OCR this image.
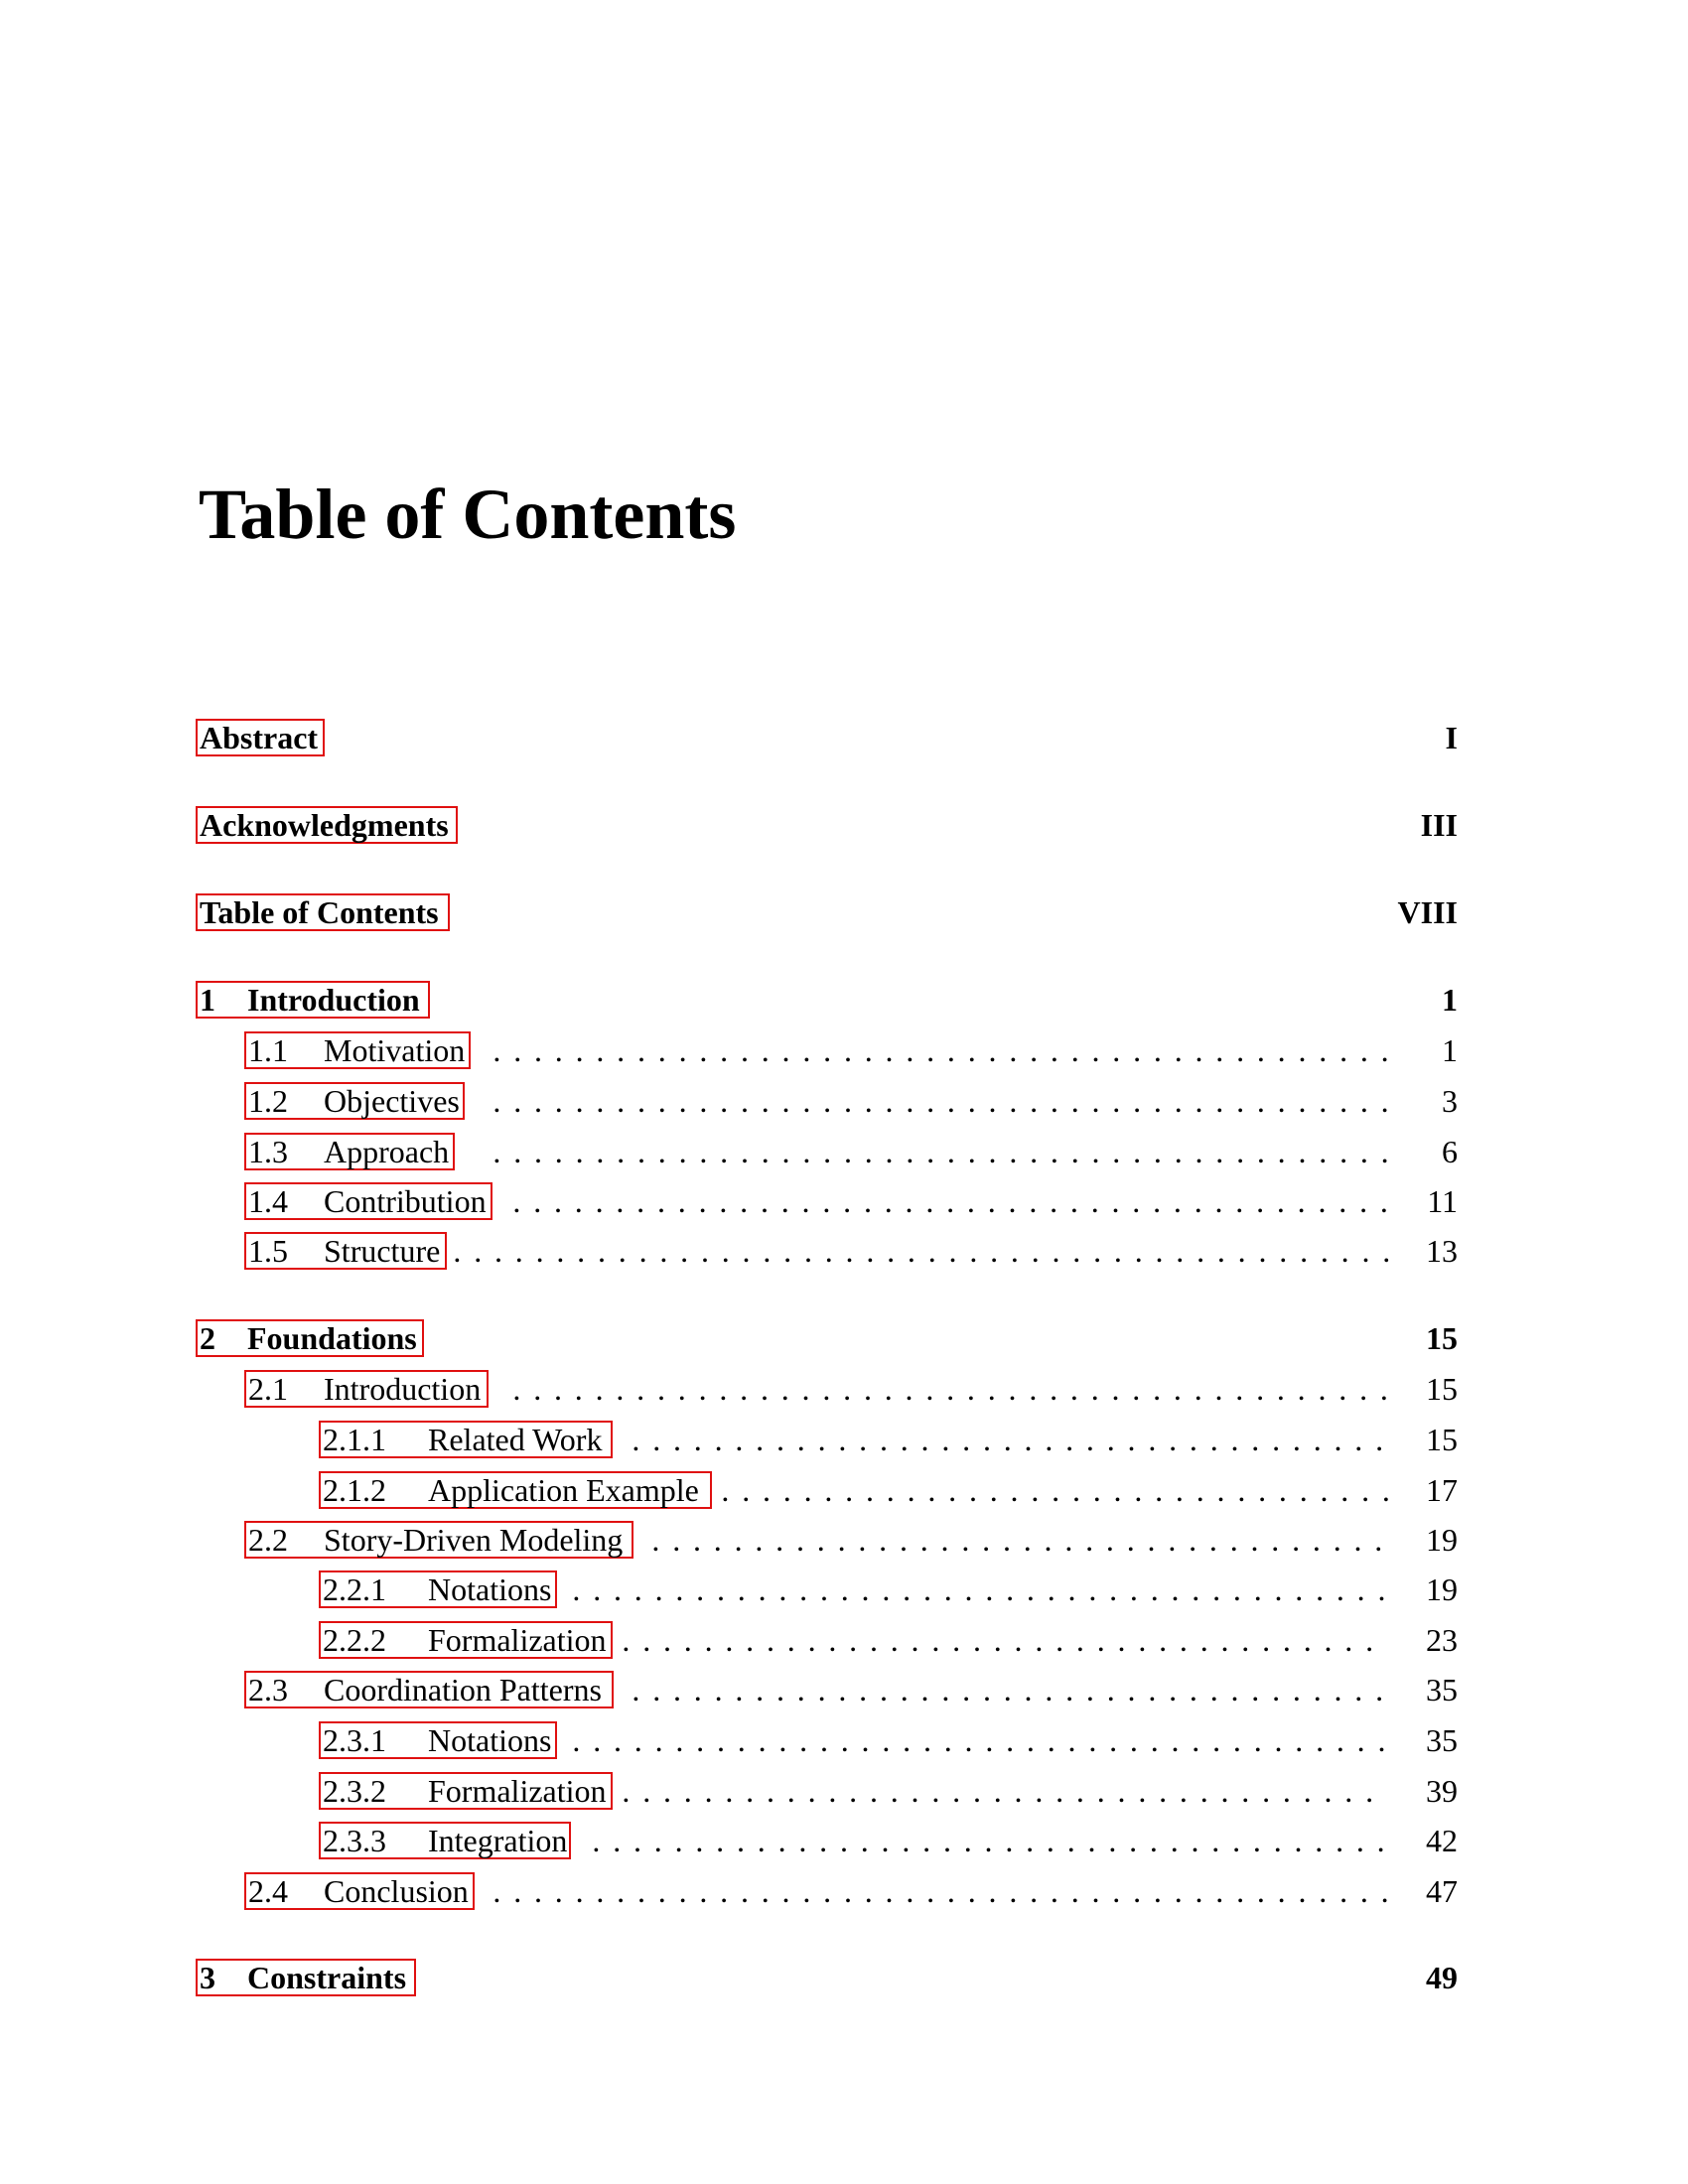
Table of Contents
Abstract	I
Acknowledgments	III
Table of Contents	VIII
1 Introduction	1
1.1 Motivation . . . . . . . . . . . . . . . . . . . . . . . . . . . . . . . . . . . . . . . . . . . .	1
1.2 Objectives . . . . . . . . . . . . . . . . . . . . . . . . . . . . . . . . . . . . . . . . . . . .	3
1.3 Approach . . . . . . . . . . . . . . . . . . . . . . . . . . . . . . . . . . . . . . . . . . . .	6
1.4 Contribution . . . . . . . . . . . . . . . . . . . . . . . . . . . . . . . . . . . . . . . . . . .	11
1.5 Structure . . . . . . . . . . . . . . . . . . . . . . . . . . . . . . . . . . . . . . . . . . . . . .	13
2 Foundations	15
2.1 Introduction . . . . . . . . . . . . . . . . . . . . . . . . . . . . . . . . . . . . . . . . . . .	15
2.1.1 Related Work . . . . . . . . . . . . . . . . . . . . . . . . . . . . . . . . . . . . .	15
2.1.2 Application Example . . . . . . . . . . . . . . . . . . . . . . . . . . . . . . . . .	17
2.2 Story-Driven Modeling . . . . . . . . . . . . . . . . . . . . . . . . . . . . . . . . . . . .	19
2.2.1 Notations . . . . . . . . . . . . . . . . . . . . . . . . . . . . . . . . . . . . . . . .	19
2.2.2 Formalization . . . . . . . . . . . . . . . . . . . . . . . . . . . . . . . . . . . . .	23
2.3 Coordination Patterns . . . . . . . . . . . . . . . . . . . . . . . . . . . . . . . . . . . . .	35
2.3.1 Notations . . . . . . . . . . . . . . . . . . . . . . . . . . . . . . . . . . . . . . . .	35
2.3.2 Formalization . . . . . . . . . . . . . . . . . . . . . . . . . . . . . . . . . . . . .	39
2.3.3 Integration . . . . . . . . . . . . . . . . . . . . . . . . . . . . . . . . . . . . . . .	42
2.4 Conclusion . . . . . . . . . . . . . . . . . . . . . . . . . . . . . . . . . . . . . . . . . . . .	47
3 Constraints	49
